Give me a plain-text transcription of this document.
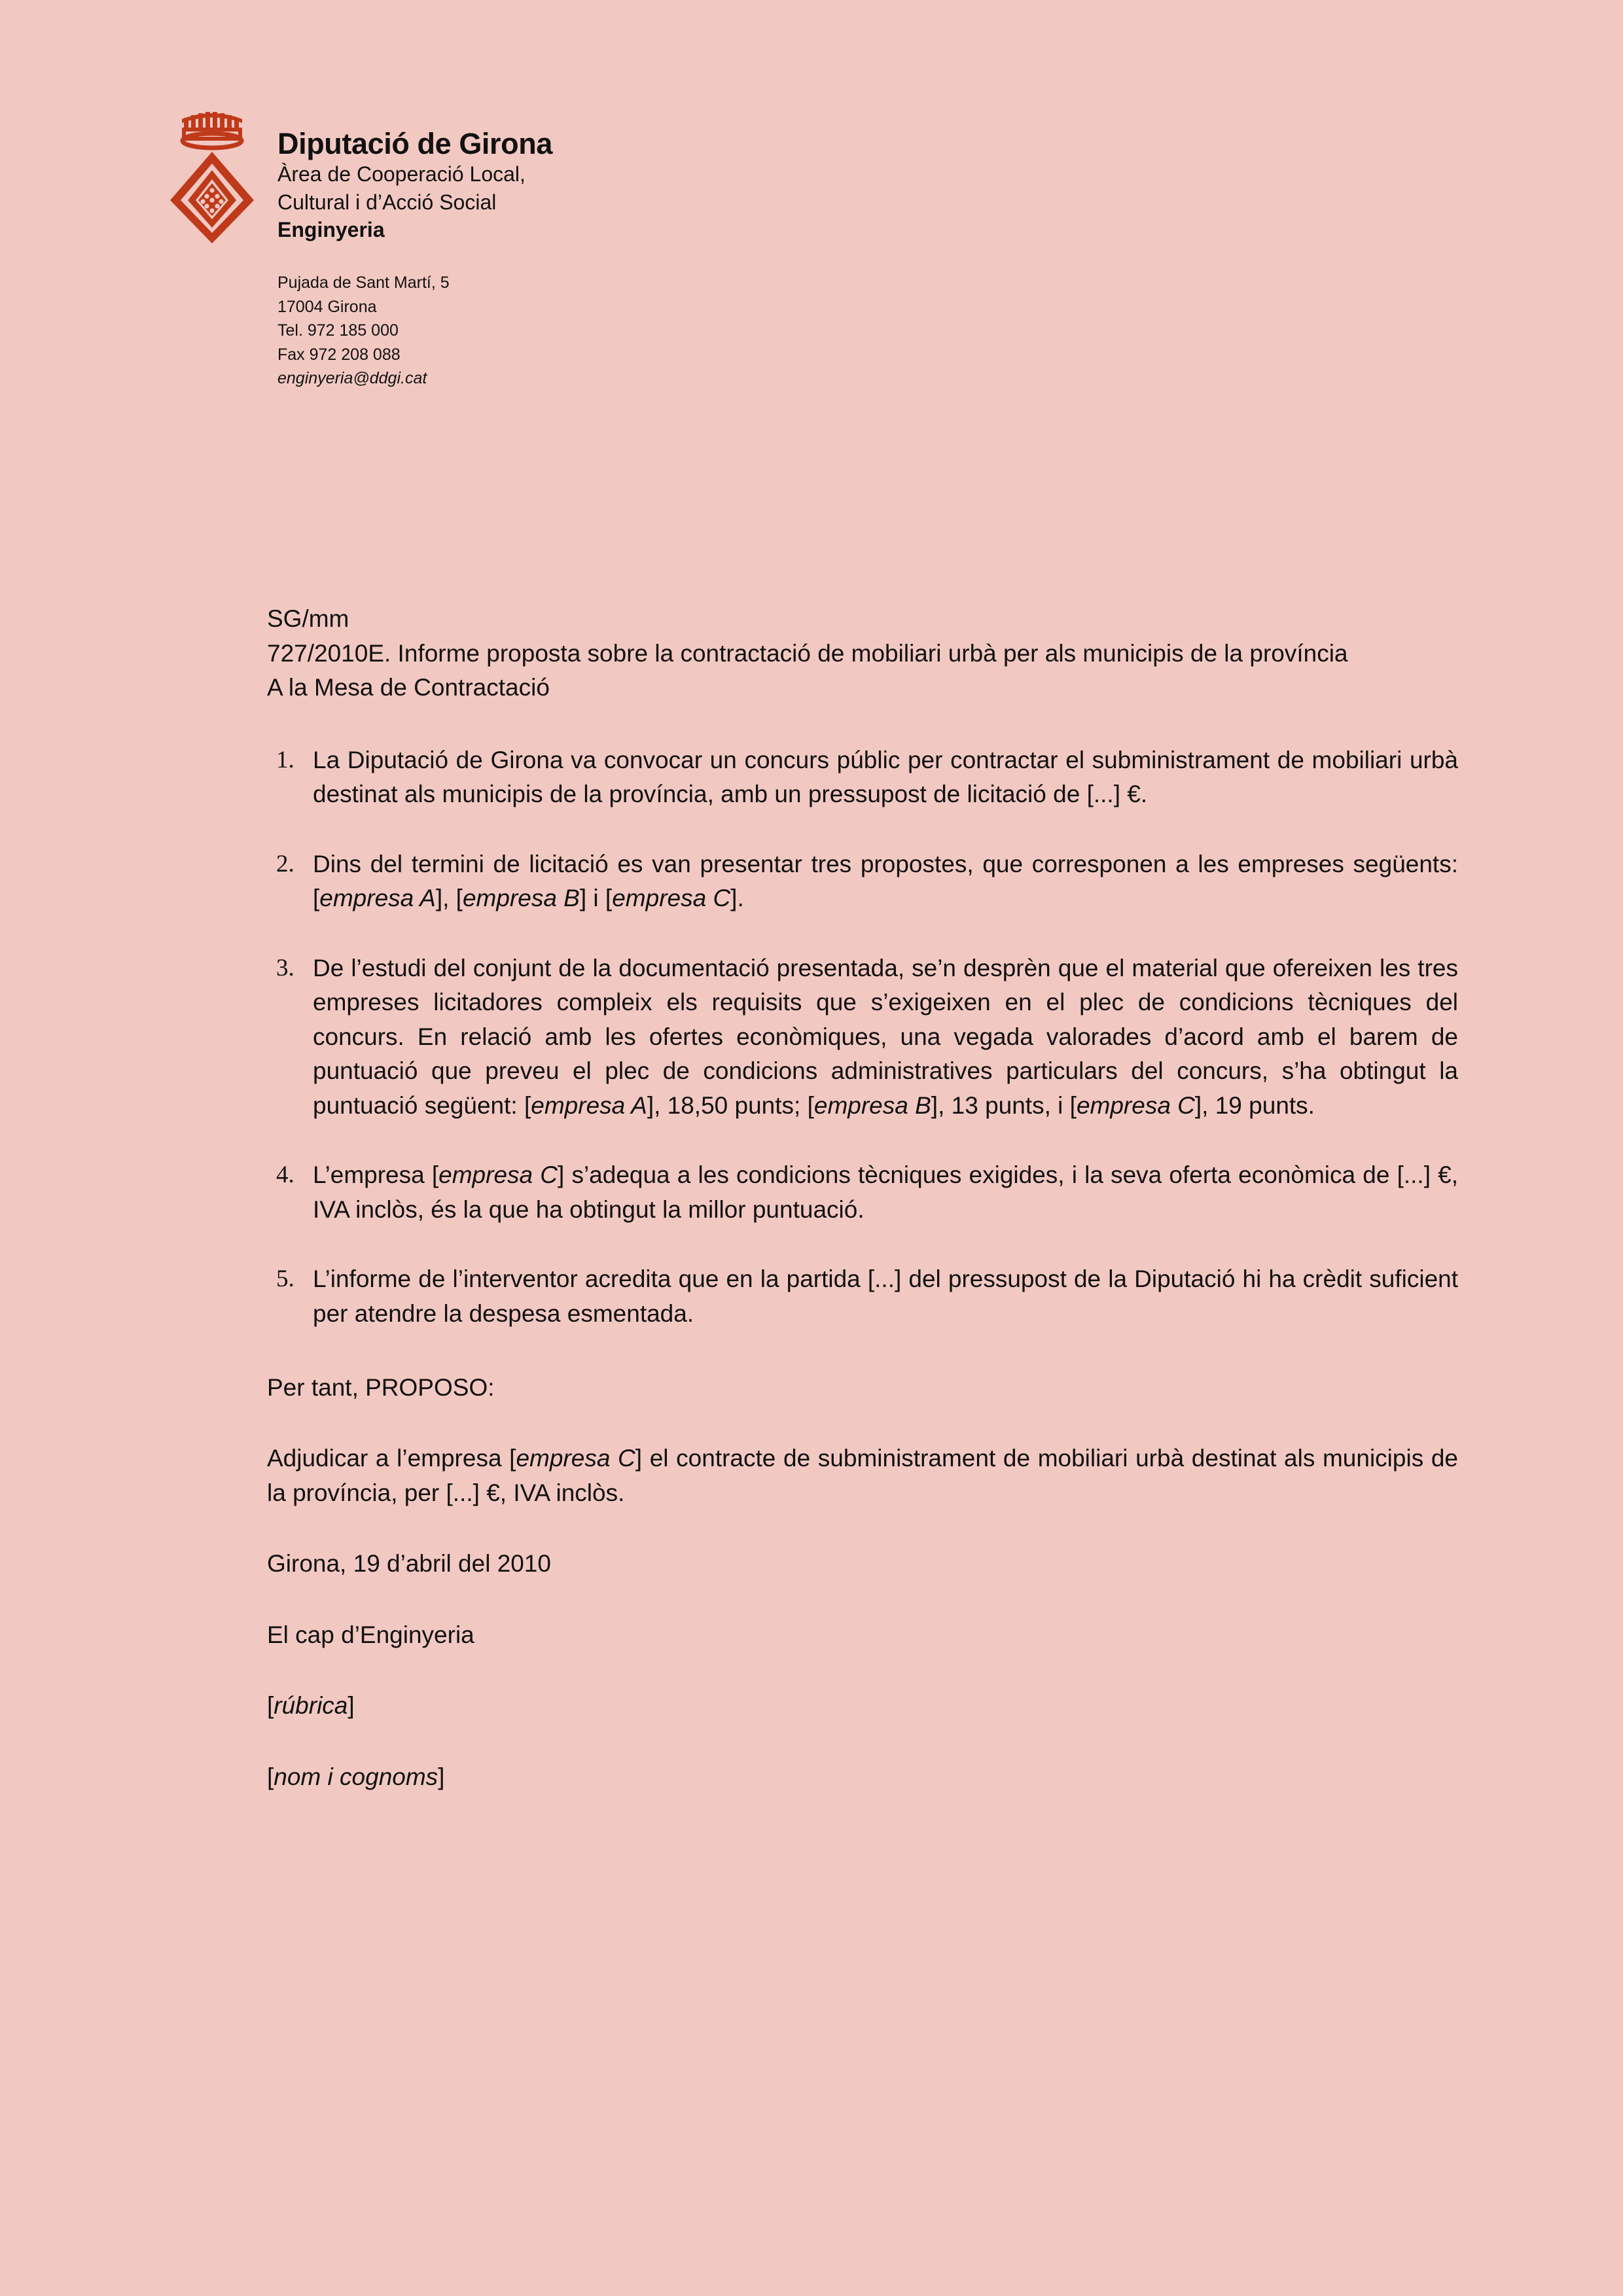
Diputació de Girona
Àrea de Cooperació Local,
Cultural i d’Acció Social
Enginyeria
Pujada de Sant Martí, 5
17004 Girona
Tel. 972 185 000
Fax 972 208 088
enginyeria@ddgi.cat

SG/mm

727/2010E. Informe proposta sobre la contractació de mobiliari urbà per als municipis de la província

A la Mesa de Contractació

La Diputació de Girona va convocar un concurs públic per contractar el subministrament de mobiliari urbà destinat als municipis de la província, amb un pressupost de licitació de [...] €.
Dins del termini de licitació es van presentar tres propostes, que corresponen a les empreses següents: [empresa A], [empresa B] i [empresa C].
De l’estudi del conjunt de la documentació presentada, se’n desprèn que el material que ofereixen les tres empreses licitadores compleix els requisits que s’exigeixen en el plec de condicions tècniques del concurs. En relació amb les ofertes econòmiques, una vegada valorades d’acord amb el barem de puntuació que preveu el plec de condicions administratives particulars del concurs, s’ha obtingut la puntuació següent: [empresa A], 18,50 punts; [empresa B], 13 punts, i [empresa C], 19 punts.
L’empresa [empresa C] s’adequa a les condicions tècniques exigides, i la seva oferta econòmica de [...] €, IVA inclòs, és la que ha obtingut la millor puntuació.
L’informe de l’interventor acredita que en la partida [...] del pressupost de la Diputació hi ha crèdit suficient per atendre la despesa esmentada.

Per tant, PROPOSO:

Adjudicar a l’empresa [empresa C] el contracte de subministrament de mobiliari urbà destinat als municipis de la província, per [...] €, IVA inclòs.

Girona, 19 d’abril del 2010

El cap d’Enginyeria

[rúbrica]

[nom i cognoms]
